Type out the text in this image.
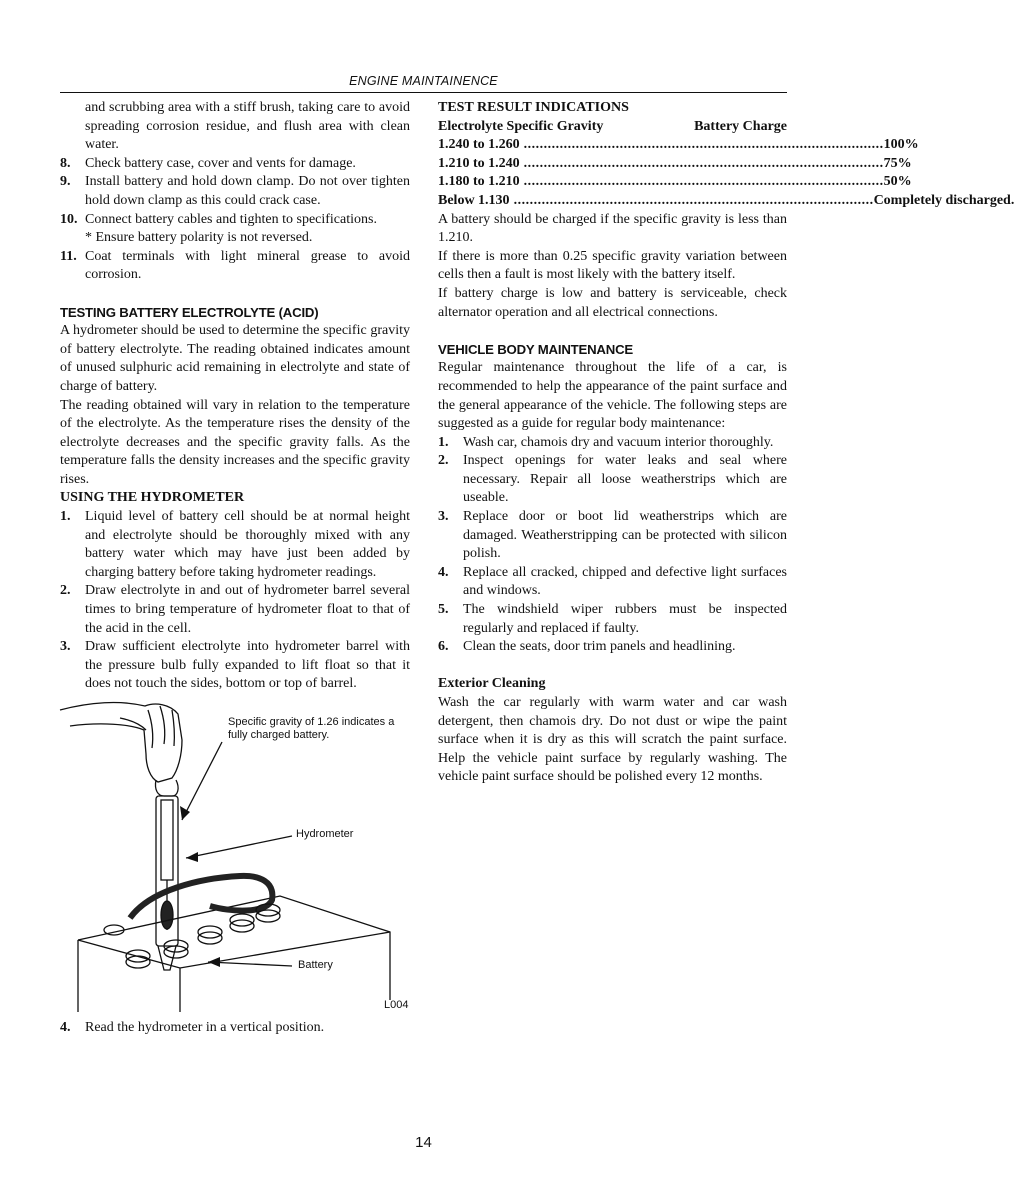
ENGINE MAINTAINENCE

and scrubbing area with a stiff brush, taking care to avoid spreading corrosion residue, and flush area with clean water.

8. Check battery case, cover and vents for damage.
9. Install battery and hold down clamp. Do not over tighten hold down clamp as this could crack case.
10. Connect battery cables and tighten to specifications.

* Ensure battery polarity is not reversed.

11. Coat terminals with light mineral grease to avoid corrosion.

TESTING BATTERY ELECTROLYTE (ACID)

A hydrometer should be used to determine the specific gravity of battery electrolyte. The reading obtained indicates amount of unused sulphuric acid remaining in electrolyte and state of charge of battery.

The reading obtained will vary in relation to the temperature of the electrolyte. As the temperature rises the density of the electrolyte decreases and the specific gravity falls. As the temperature falls the density increases and the specific gravity rises.

USING THE HYDROMETER

1. Liquid level of battery cell should be at normal height and electrolyte should be thoroughly mixed with any battery water which may have just been added by charging battery before taking hydrometer readings.
2. Draw electrolyte in and out of hydrometer barrel several times to bring temperature of hydrometer float to that of the acid in the cell.
3. Draw sufficient electrolyte into hydrometer barrel with the pressure bulb fully expanded to lift float so that it does not touch the sides, bottom or top of barrel.
Specific gravity of 1.26 indicates a fully charged battery.
Hydrometer
Battery
L004
4. Read the hydrometer in a vertical position.

TEST RESULT INDICATIONS

Electrolyte Specific Gravity	Battery Charge
1.240 to 1.260 .......................................................................................... 100%
1.210 to 1.240 .......................................................................................... 75%
1.180 to 1.210 .......................................................................................... 50%
Below 1.130 .......................................................................................... Completely discharged.

A battery should be charged if the specific gravity is less than 1.210.

If there is more than 0.25 specific gravity variation between cells then a fault is most likely with the battery itself.

If battery charge is low and battery is serviceable, check alternator operation and all electrical connections.

VEHICLE BODY MAINTENANCE

Regular maintenance throughout the life of a car, is recommended to help the appearance of the paint surface and the general appearance of the vehicle. The following steps are suggested as a guide for regular body maintenance:

1. Wash car, chamois dry and vacuum interior thoroughly.
2. Inspect openings for water leaks and seal where necessary. Repair all loose weatherstrips which are useable.
3. Replace door or boot lid weatherstrips which are damaged. Weatherstripping can be protected with silicon polish.
4. Replace all cracked, chipped and defective light surfaces and windows.
5. The windshield wiper rubbers must be inspected regularly and replaced if faulty.
6. Clean the seats, door trim panels and headlining.

Exterior Cleaning

Wash the car regularly with warm water and car wash detergent, then chamois dry. Do not dust or wipe the paint surface when it is dry as this will scratch the paint surface. Help the vehicle paint surface by regularly washing. The vehicle paint surface should be polished every 12 months.

14
